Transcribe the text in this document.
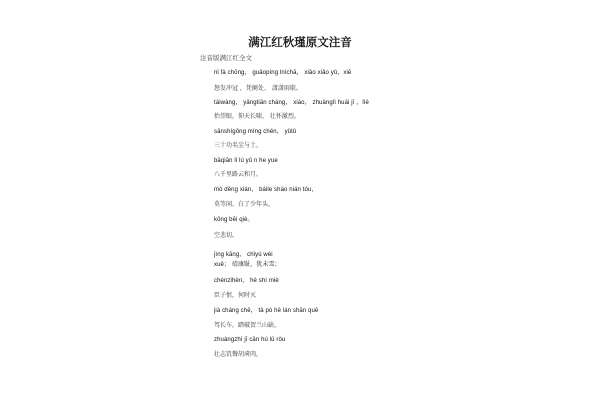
满江红秋瑾原文注音
注音版满江红全文
nǐ fà chōng， guǎopíng lníchā， xiǎo xiǎo yǔ，xiē
怒发冲冠 ，凭阑处、 潇潇雨歇。
táiwàng， yǎngtiān cháng， xiào， zhuànglì huái jī ，lìè
抬望眼，仰天长啸， 壮怀激烈。
sānshígōng míng chén， yǔtǔ
三十功名尘与土，
bāqiān lǐ lù yǔ n he yue
八千里路云和月。
mò děng xián， báile shào nián tóu，
莫等闲、白了少年头，
kōng bēi qiè。
空悲切。
jìng kāng， chǐyú wèi
xuě； 靖康耻，犹未雪；
chénzǐhèn， hé shí miè
臣子恨，何时灭
jià cháng chē， tà pò hè lán shān quē
驾长车，踏破贺兰山缺。
zhuàngzhì jī cān hú lǔ ròu
壮志饥餐胡虏肉，
